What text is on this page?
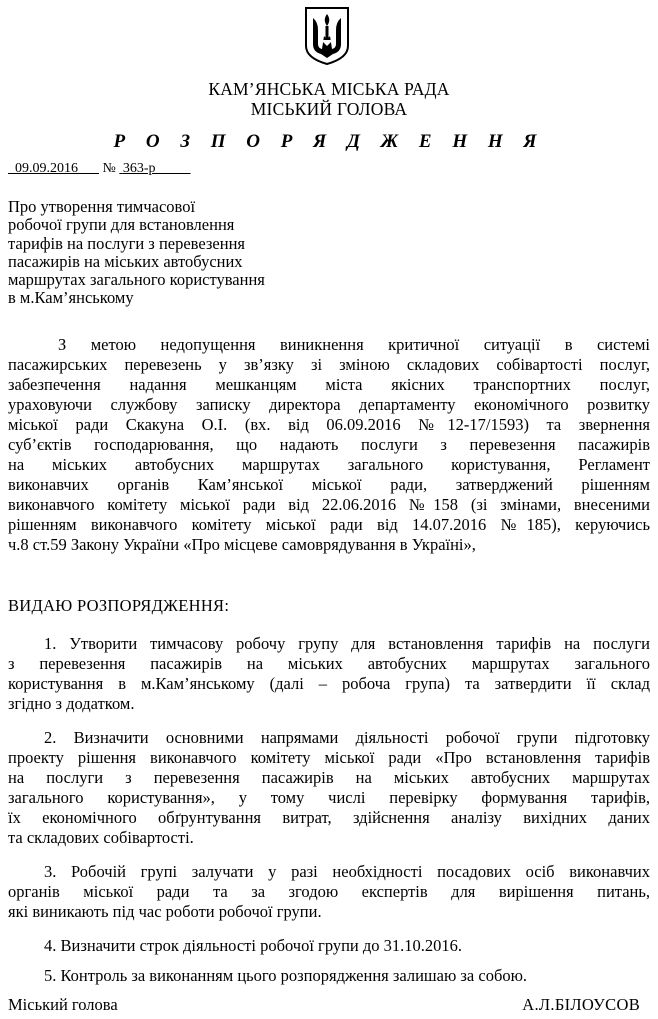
КАМ’ЯНСЬКА МІСЬКА РАДА
МІСЬКИЙ ГОЛОВА
Р О З П О Р Я Д Ж Е Н Н Я
09.09.2016 № 363-р
Про утворення тимчасової
робочої групи для встановлення
тарифів на послуги з перевезення
пасажирів на міських автобусних
маршрутах загального користування
в м.Кам’янському
З метою недопущення виникнення критичної ситуації в системі
пасажирських перевезень у зв’язку зі зміною складових собівартості послуг,
забезпечення надання мешканцям міста якісних транспортних послуг,
ураховуючи службову записку директора департаменту економічного розвитку
міської ради Скакуна О.І. (вх. від 06.09.2016 №12-17/1593) та звернення
суб’єктів господарювання, що надають послуги з перевезення пасажирів
на міських автобусних маршрутах загального користування, Регламент
виконавчих органів Кам’янської міської ради, затверджений рішенням
виконавчого комітету міської ради від 22.06.2016 №158 (зі змінами, внесеними
рішенням виконавчого комітету міської ради від 14.07.2016 №185), керуючись
ч.8 ст.59 Закону України «Про місцеве самоврядування в Україні»,
ВИДАЮ РОЗПОРЯДЖЕННЯ:
1. Утворити тимчасову робочу групу для встановлення тарифів на послуги
з перевезення пасажирів на міських автобусних маршрутах загального
користування в м.Кам’янському (далі – робоча група) та затвердити її склад
згідно з додатком.
2. Визначити основними напрямами діяльності робочої групи підготовку
проекту рішення виконавчого комітету міської ради «Про встановлення тарифів
на послуги з перевезення пасажирів на міських автобусних маршрутах
загального користування», у тому числі перевірку формування тарифів,
їх економічного обґрунтування витрат, здійснення аналізу вихідних даних
та складових собівартості.
3. Робочій групі залучати у разі необхідності посадових осіб виконавчих
органів міської ради та за згодою експертів для вирішення питань,
які виникають під час роботи робочої групи.
4. Визначити строк діяльності робочої групи до 31.10.2016.
5. Контроль за виконанням цього розпорядження залишаю за собою.
Міський голова	А.Л.БІЛОУСОВ
